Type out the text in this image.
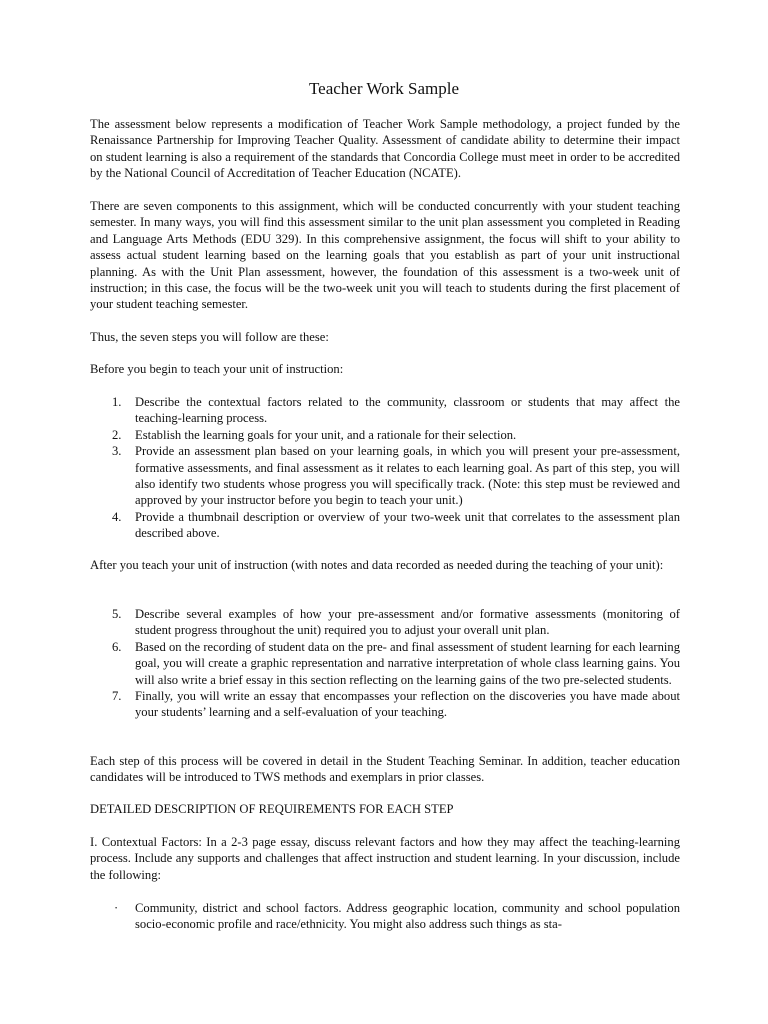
Teacher Work Sample

The assessment below represents a modification of Teacher Work Sample methodology, a project funded by the Renaissance Partnership for Improving Teacher Quality. Assessment of candidate ability to determine their impact on student learning is also a requirement of the standards that Concordia College must meet in order to be accredited by the National Council of Accreditation of Teacher Education (NCATE).

There are seven components to this assignment, which will be conducted concurrently with your student teaching semester. In many ways, you will find this assessment similar to the unit plan assessment you completed in Reading and Language Arts Methods (EDU 329). In this comprehensive assignment, the focus will shift to your ability to assess actual student learning based on the learning goals that you establish as part of your unit instructional planning. As with the Unit Plan assessment, however, the foundation of this assessment is a two-week unit of instruction; in this case, the focus will be the two-week unit you will teach to students during the first placement of your student teaching semester.

Thus, the seven steps you will follow are these:

Before you begin to teach your unit of instruction:

1. Describe the contextual factors related to the community, classroom or students that may affect the teaching-learning process.
2. Establish the learning goals for your unit, and a rationale for their selection.
3. Provide an assessment plan based on your learning goals, in which you will present your pre-assessment, formative assessments, and final assessment as it relates to each learning goal. As part of this step, you will also identify two students whose progress you will specifically track. (Note: this step must be reviewed and approved by your instructor before you begin to teach your unit.)
4. Provide a thumbnail description or overview of your two-week unit that correlates to the assessment plan described above.

After you teach your unit of instruction (with notes and data recorded as needed during the teaching of your unit):

5. Describe several examples of how your pre-assessment and/or formative assessments (monitoring of student progress throughout the unit) required you to adjust your overall unit plan.
6. Based on the recording of student data on the pre- and final assessment of student learning for each learning goal, you will create a graphic representation and narrative interpretation of whole class learning gains. You will also write a brief essay in this section reflecting on the learning gains of the two pre-selected students.
7. Finally, you will write an essay that encompasses your reflection on the discoveries you have made about your students’ learning and a self-evaluation of your teaching.

Each step of this process will be covered in detail in the Student Teaching Seminar. In addition, teacher education candidates will be introduced to TWS methods and exemplars in prior classes.

DETAILED DESCRIPTION OF REQUIREMENTS FOR EACH STEP

I. Contextual Factors: In a 2-3 page essay, discuss relevant factors and how they may affect the teaching-learning process. Include any supports and challenges that affect instruction and student learning. In your discussion, include the following:

· Community, district and school factors. Address geographic location, community and school population socio-economic profile and race/ethnicity. You might also address such things as sta-
